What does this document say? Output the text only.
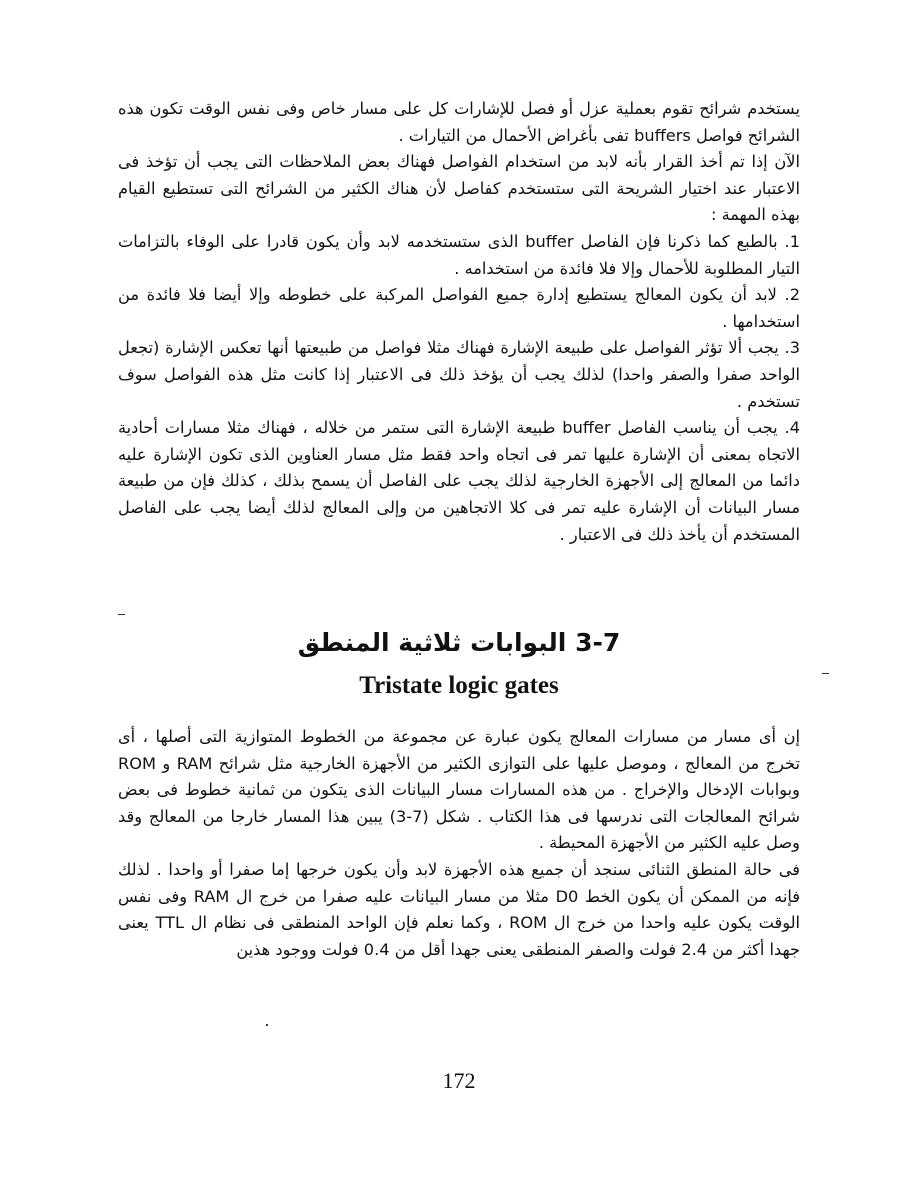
يستخدم شرائح تقوم بعملية عزل أو فصل للإشارات كل على مسار خاص وفى نفس الوقت تكون هذه الشرائح فواصل buffers تفى بأغراض الأحمال من التيارات .

الآن إذا تم أخذ القرار بأنه لابد من استخدام الفواصل فهناك بعض الملاحظات التى يجب أن تؤخذ فى الاعتبار عند اختيار الشريحة التى ستستخدم كفاصل لأن هناك الكثير من الشرائح التى تستطيع القيام بهذه المهمة :

1. بالطبع كما ذكرنا فإن الفاصل buffer الذى ستستخدمه لابد وأن يكون قادرا على الوفاء بالتزامات التيار المطلوبة للأحمال وإلا فلا فائدة من استخدامه .

2. لابد أن يكون المعالج يستطيع إدارة جميع الفواصل المركبة على خطوطه وإلا أيضا فلا فائدة من استخدامها .

3. يجب ألا تؤثر الفواصل على طبيعة الإشارة فهناك مثلا فواصل من طبيعتها أنها تعكس الإشارة (تجعل الواحد صفرا والصفر واحدا) لذلك يجب أن يؤخذ ذلك فى الاعتبار إذا كانت مثل هذه الفواصل سوف تستخدم .

4. يجب أن يناسب الفاصل buffer طبيعة الإشارة التى ستمر من خلاله ، فهناك مثلا مسارات أحادية الاتجاه بمعنى أن الإشارة عليها تمر فى اتجاه واحد فقط مثل مسار العناوين الذى تكون الإشارة عليه دائما من المعالج إلى الأجهزة الخارجية لذلك يجب على الفاصل أن يسمح بذلك ، كذلك فإن من طبيعة مسار البيانات أن الإشارة عليه تمر فى كلا الاتجاهين من وإلى المعالج لذلك أيضا يجب على الفاصل المستخدم أن يأخذ ذلك فى الاعتبار .

3-7 البوابات ثلاثية المنطق
Tristate logic gates

إن أى مسار من مسارات المعالج يكون عبارة عن مجموعة من الخطوط المتوازية التى أصلها ، أى تخرج من المعالج ، وموصل عليها على التوازى الكثير من الأجهزة الخارجية مثل شرائح RAM و ROM وبوابات الإدخال والإخراج . من هذه المسارات مسار البيانات الذى يتكون من ثمانية خطوط فى بعض شرائح المعالجات التى ندرسها فى هذا الكتاب . شكل (7-3) يبين هذا المسار خارجا من المعالج وقد وصل عليه الكثير من الأجهزة المحيطة .

فى حالة المنطق الثنائى سنجد أن جميع هذه الأجهزة لابد وأن يكون خرجها إما صفرا أو واحدا . لذلك فإنه من الممكن أن يكون الخط D0 مثلا من مسار البيانات عليه صفرا من خرج ال RAM وفى نفس الوقت يكون عليه واحدا من خرج ال ROM ، وكما نعلم فإن الواحد المنطقى فى نظام ال TTL يعنى جهدا أكثر من 2.4 فولت والصفر المنطقى يعنى جهدا أقل من 0.4 فولت ووجود هذين

172
